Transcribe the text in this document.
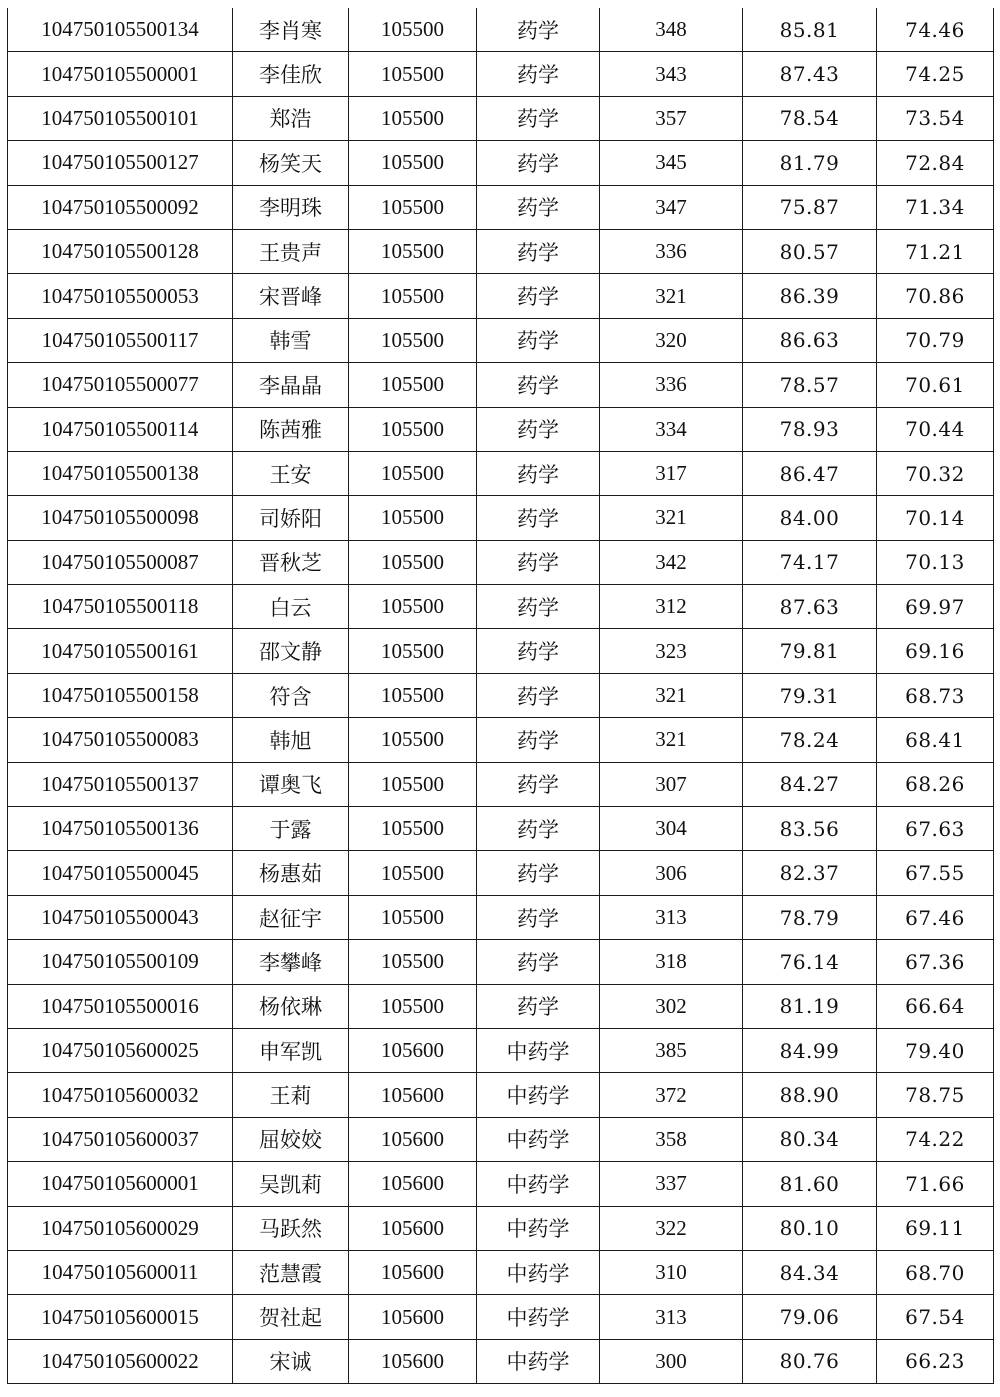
104750105500134	李肖寒	105500	药学	348	85.81	74.46
104750105500001	李佳欣	105500	药学	343	87.43	74.25
104750105500101	郑浩	105500	药学	357	78.54	73.54
104750105500127	杨笑天	105500	药学	345	81.79	72.84
104750105500092	李明珠	105500	药学	347	75.87	71.34
104750105500128	王贵声	105500	药学	336	80.57	71.21
104750105500053	宋晋峰	105500	药学	321	86.39	70.86
104750105500117	韩雪	105500	药学	320	86.63	70.79
104750105500077	李晶晶	105500	药学	336	78.57	70.61
104750105500114	陈茜雅	105500	药学	334	78.93	70.44
104750105500138	王安	105500	药学	317	86.47	70.32
104750105500098	司娇阳	105500	药学	321	84.00	70.14
104750105500087	晋秋芝	105500	药学	342	74.17	70.13
104750105500118	白云	105500	药学	312	87.63	69.97
104750105500161	邵文静	105500	药学	323	79.81	69.16
104750105500158	符含	105500	药学	321	79.31	68.73
104750105500083	韩旭	105500	药学	321	78.24	68.41
104750105500137	谭奥飞	105500	药学	307	84.27	68.26
104750105500136	于露	105500	药学	304	83.56	67.63
104750105500045	杨惠茹	105500	药学	306	82.37	67.55
104750105500043	赵征宇	105500	药学	313	78.79	67.46
104750105500109	李攀峰	105500	药学	318	76.14	67.36
104750105500016	杨依琳	105500	药学	302	81.19	66.64
104750105600025	申军凯	105600	中药学	385	84.99	79.40
104750105600032	王莉	105600	中药学	372	88.90	78.75
104750105600037	屈姣姣	105600	中药学	358	80.34	74.22
104750105600001	吴凯莉	105600	中药学	337	81.60	71.66
104750105600029	马跃然	105600	中药学	322	80.10	69.11
104750105600011	范慧霞	105600	中药学	310	84.34	68.70
104750105600015	贺社起	105600	中药学	313	79.06	67.54
104750105600022	宋诚	105600	中药学	300	80.76	66.23
